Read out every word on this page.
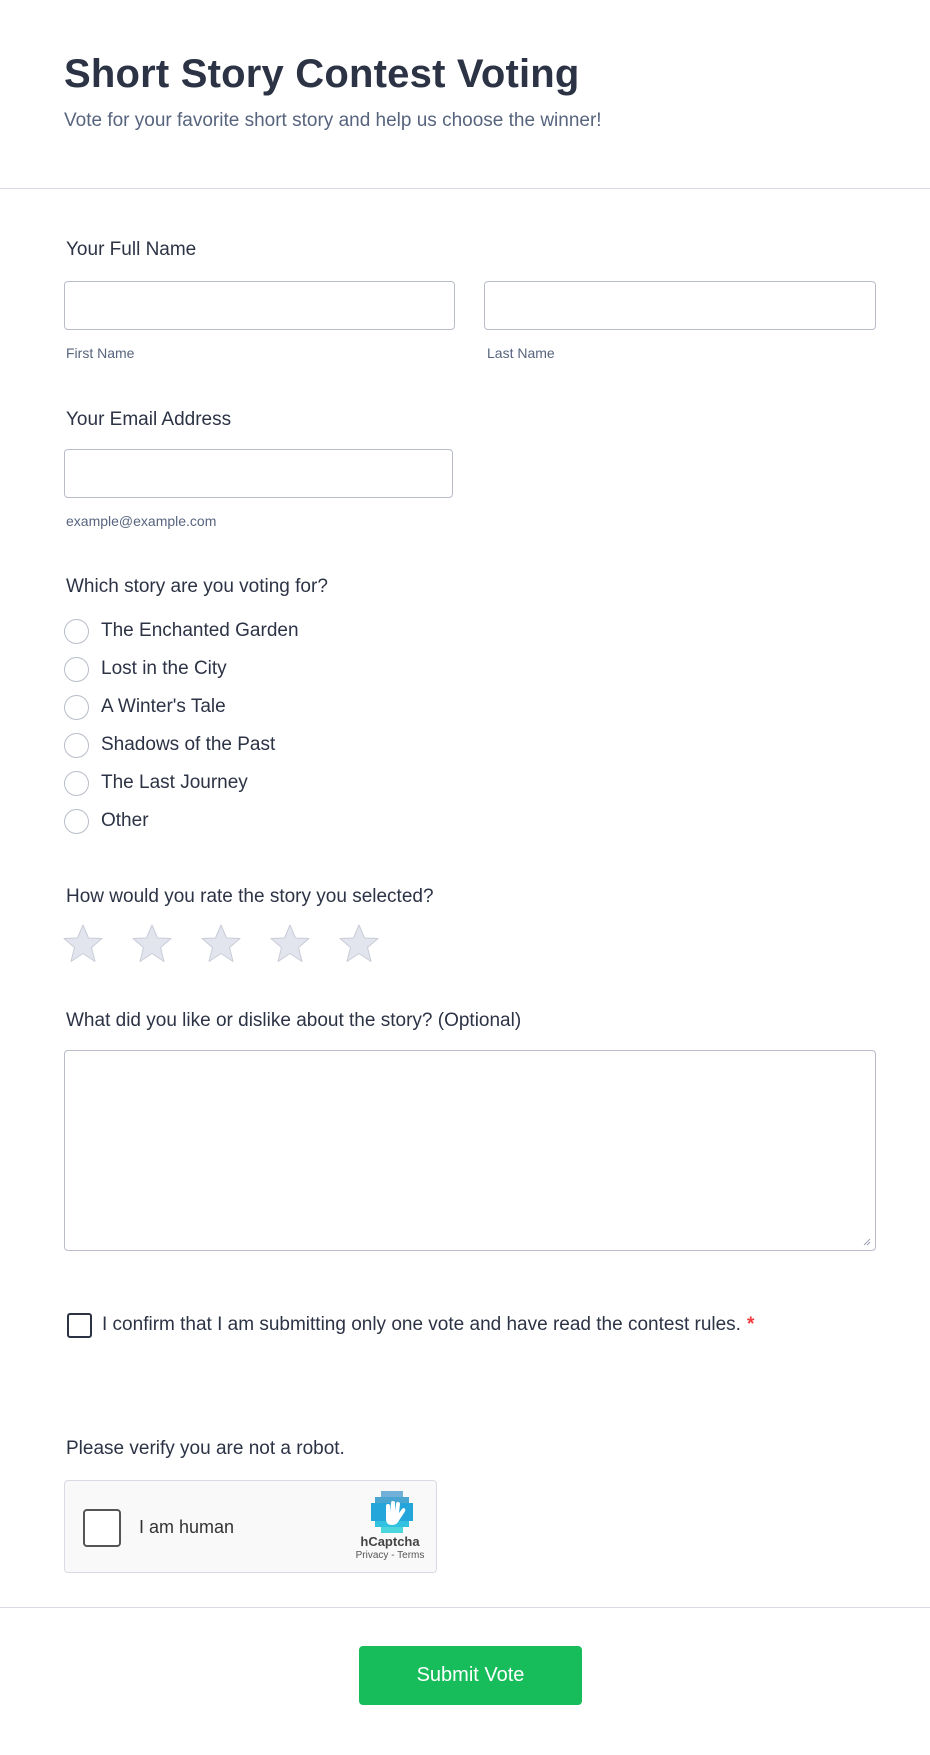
Short Story Contest Voting
Vote for your favorite short story and help us choose the winner!
Your Full Name
First Name	Last Name
Your Email Address
example@example.com
Which story are you voting for?
The Enchanted Garden
Lost in the City
A Winter's Tale
Shadows of the Past
The Last Journey
Other
How would you rate the story you selected?
What did you like or dislike about the story? (Optional)
I confirm that I am submitting only one vote and have read the contest rules. *
Please verify you are not a robot.
I am human
hCaptcha
Privacy - Terms
Submit Vote
